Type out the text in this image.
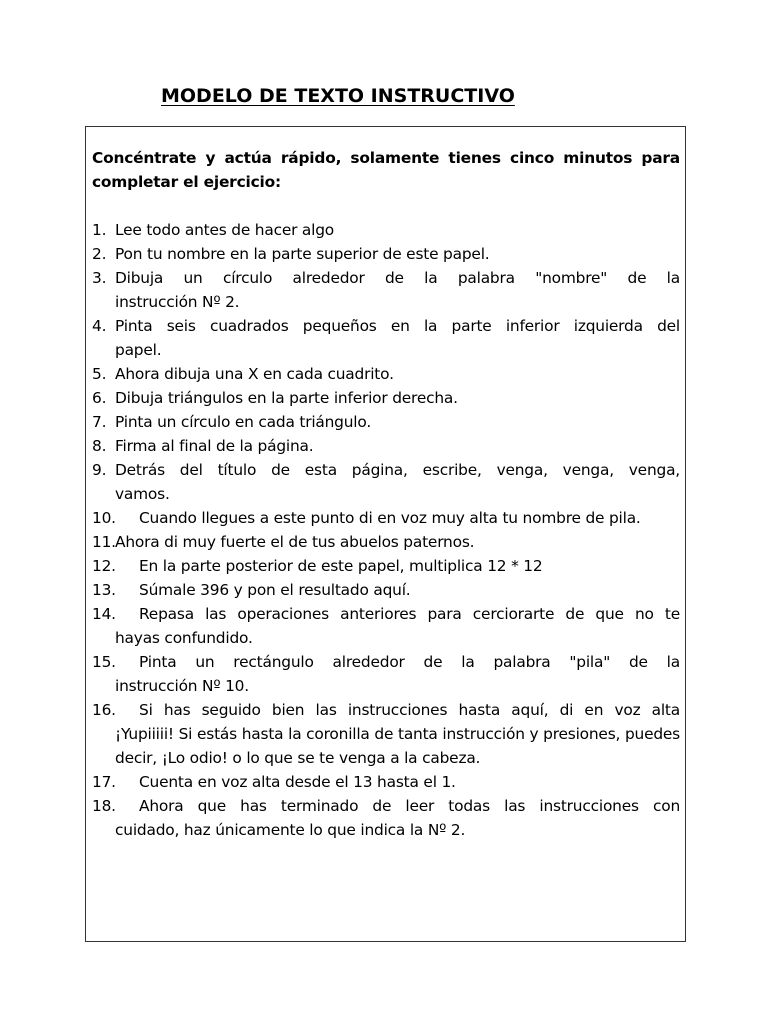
MODELO DE TEXTO INSTRUCTIVO

Concéntrate y actúa rápido, solamente tienes cinco minutos para completar el ejercicio:

1. Lee todo antes de hacer algo
2. Pon tu nombre en la parte superior de este papel.
3. Dibuja un círculo alrededor de la palabra "nombre" de la
instrucción Nº 2.
4. Pinta seis cuadrados pequeños en la parte inferior izquierda del
papel.
5. Ahora dibuja una X en cada cuadrito.
6. Dibuja triángulos en la parte inferior derecha.
7. Pinta un círculo en cada triángulo.
8. Firma al final de la página.
9. Detrás del título de esta página, escribe, venga, venga, venga,
vamos.
10.	Cuando llegues a este punto di en voz muy alta tu nombre de pila.
11. Ahora di muy fuerte el de tus abuelos paternos.
12.	En la parte posterior de este papel, multiplica 12 * 12
13.	Súmale 396 y pon el resultado aquí.
14.	Repasa las operaciones anteriores para cerciorarte de que no te
hayas confundido.
15.	Pinta un rectángulo alrededor de la palabra "pila" de la
instrucción Nº 10.
16.	Si has seguido bien las instrucciones hasta aquí, di en voz alta
¡Yupiiiii! Si estás hasta la coronilla de tanta instrucción y presiones, puedes decir, ¡Lo odio! o lo que se te venga a la cabeza.
17.	Cuenta en voz alta desde el 13 hasta el 1.
18.	Ahora que has terminado de leer todas las instrucciones con
cuidado, haz únicamente lo que indica la Nº 2.
